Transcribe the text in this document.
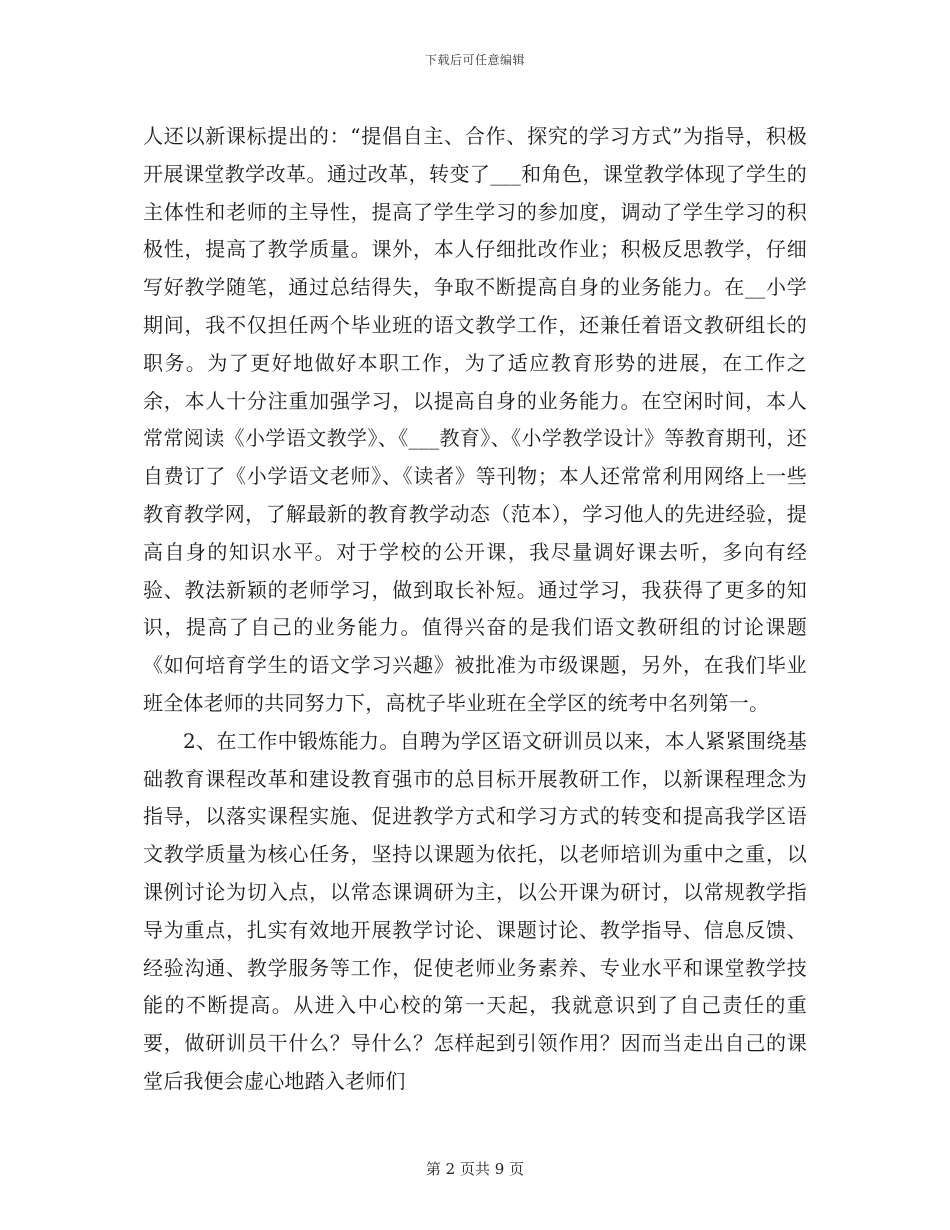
下载后可任意编辑

人还以新课标提出的：“提倡自主、合作、探究的学习方式”为指导，积极开展课堂教学改革。通过改革，转变了___和角色，课堂教学体现了学生的主体性和老师的主导性，提高了学生学习的参加度，调动了学生学习的积极性，提高了教学质量。课外，本人仔细批改作业；积极反思教学，仔细写好教学随笔，通过总结得失，争取不断提高自身的业务能力。在__小学期间，我不仅担任两个毕业班的语文教学工作，还兼任着语文教研组长的职务。为了更好地做好本职工作，为了适应教育形势的进展，在工作之余，本人十分注重加强学习，以提高自身的业务能力。在空闲时间，本人常常阅读《小学语文教学》、《___教育》、《小学教学设计》等教育期刊，还自费订了《小学语文老师》、《读者》等刊物；本人还常常利用网络上一些教育教学网，了解最新的教育教学动态（范本），学习他人的先进经验，提高自身的知识水平。对于学校的公开课，我尽量调好课去听，多向有经验、教法新颖的老师学习，做到取长补短。通过学习，我获得了更多的知识，提高了自己的业务能力。值得兴奋的是我们语文教研组的讨论课题《如何培育学生的语文学习兴趣》被批准为市级课题，另外，在我们毕业班全体老师的共同努力下，高枕子毕业班在全学区的统考中名列第一。

2、在工作中锻炼能力。自聘为学区语文研训员以来，本人紧紧围绕基础教育课程改革和建设教育强市的总目标开展教研工作，以新课程理念为指导，以落实课程实施、促进教学方式和学习方式的转变和提高我学区语文教学质量为核心任务，坚持以课题为依托，以老师培训为重中之重，以课例讨论为切入点，以常态课调研为主，以公开课为研讨，以常规教学指导为重点，扎实有效地开展教学讨论、课题讨论、教学指导、信息反馈、经验沟通、教学服务等工作，促使老师业务素养、专业水平和课堂教学技能的不断提高。从进入中心校的第一天起，我就意识到了自己责任的重要，做研训员干什么？导什么？怎样起到引领作用？因而当走出自己的课堂后我便会虚心地踏入老师们

第 2 页共 9 页
